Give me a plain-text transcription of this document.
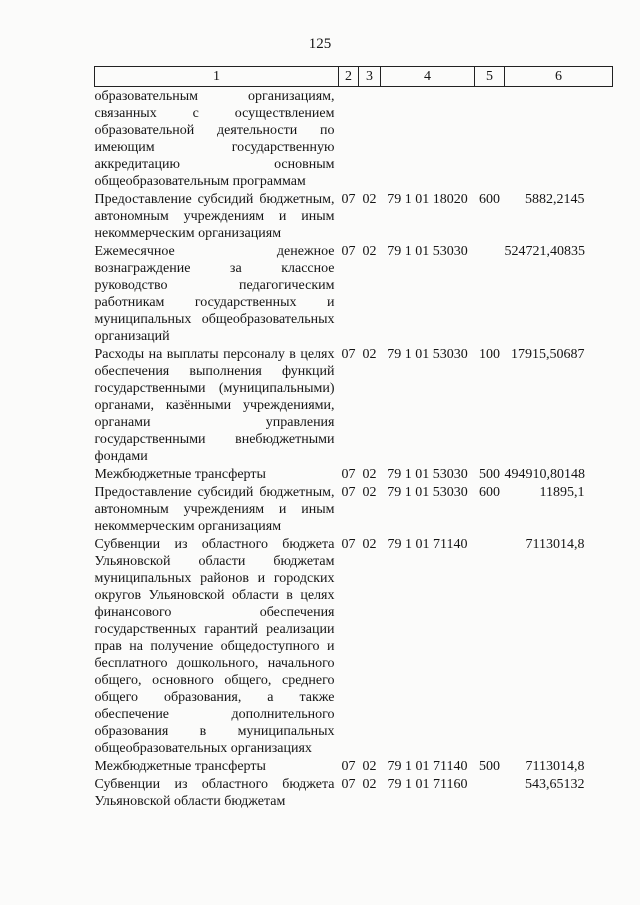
125
1	2	3	4	5	6
образовательным организациям, связанных с осуществлением образовательной деятельности по имеющим государственную аккредитацию основным общеобразовательным программам					
Предоставление субсидий бюджетным, автономным учреждениям и иным некоммерческим организациям	07	02	79 1 01 18020	600	5882,2145
Ежемесячное денежное вознаграждение за классное руководство педагогическим работникам государственных и муниципальных общеобразовательных организаций	07	02	79 1 01 53030		524721,40835
Расходы на выплаты персоналу в целях обеспечения выполнения функций государственными (муниципальными) органами, казёнными учреждениями, органами управления государственными внебюджетными фондами	07	02	79 1 01 53030	100	17915,50687
Межбюджетные трансферты	07	02	79 1 01 53030	500	494910,80148
Предоставление субсидий бюджетным, автономным учреждениям и иным некоммерческим организациям	07	02	79 1 01 53030	600	11895,1
Субвенции из областного бюджета Ульяновской области бюджетам муниципальных районов и городских округов Ульяновской области в целях финансового обеспечения государственных гарантий реализации прав на получение общедоступного и бесплатного дошкольного, начального общего, основного общего, среднего общего образования, а также обеспечение дополнительного образования в муниципальных общеобразовательных организациях	07	02	79 1 01 71140		7113014,8
Межбюджетные трансферты	07	02	79 1 01 71140	500	7113014,8
Субвенции из областного бюджета Ульяновской области бюджетам	07	02	79 1 01 71160		543,65132
